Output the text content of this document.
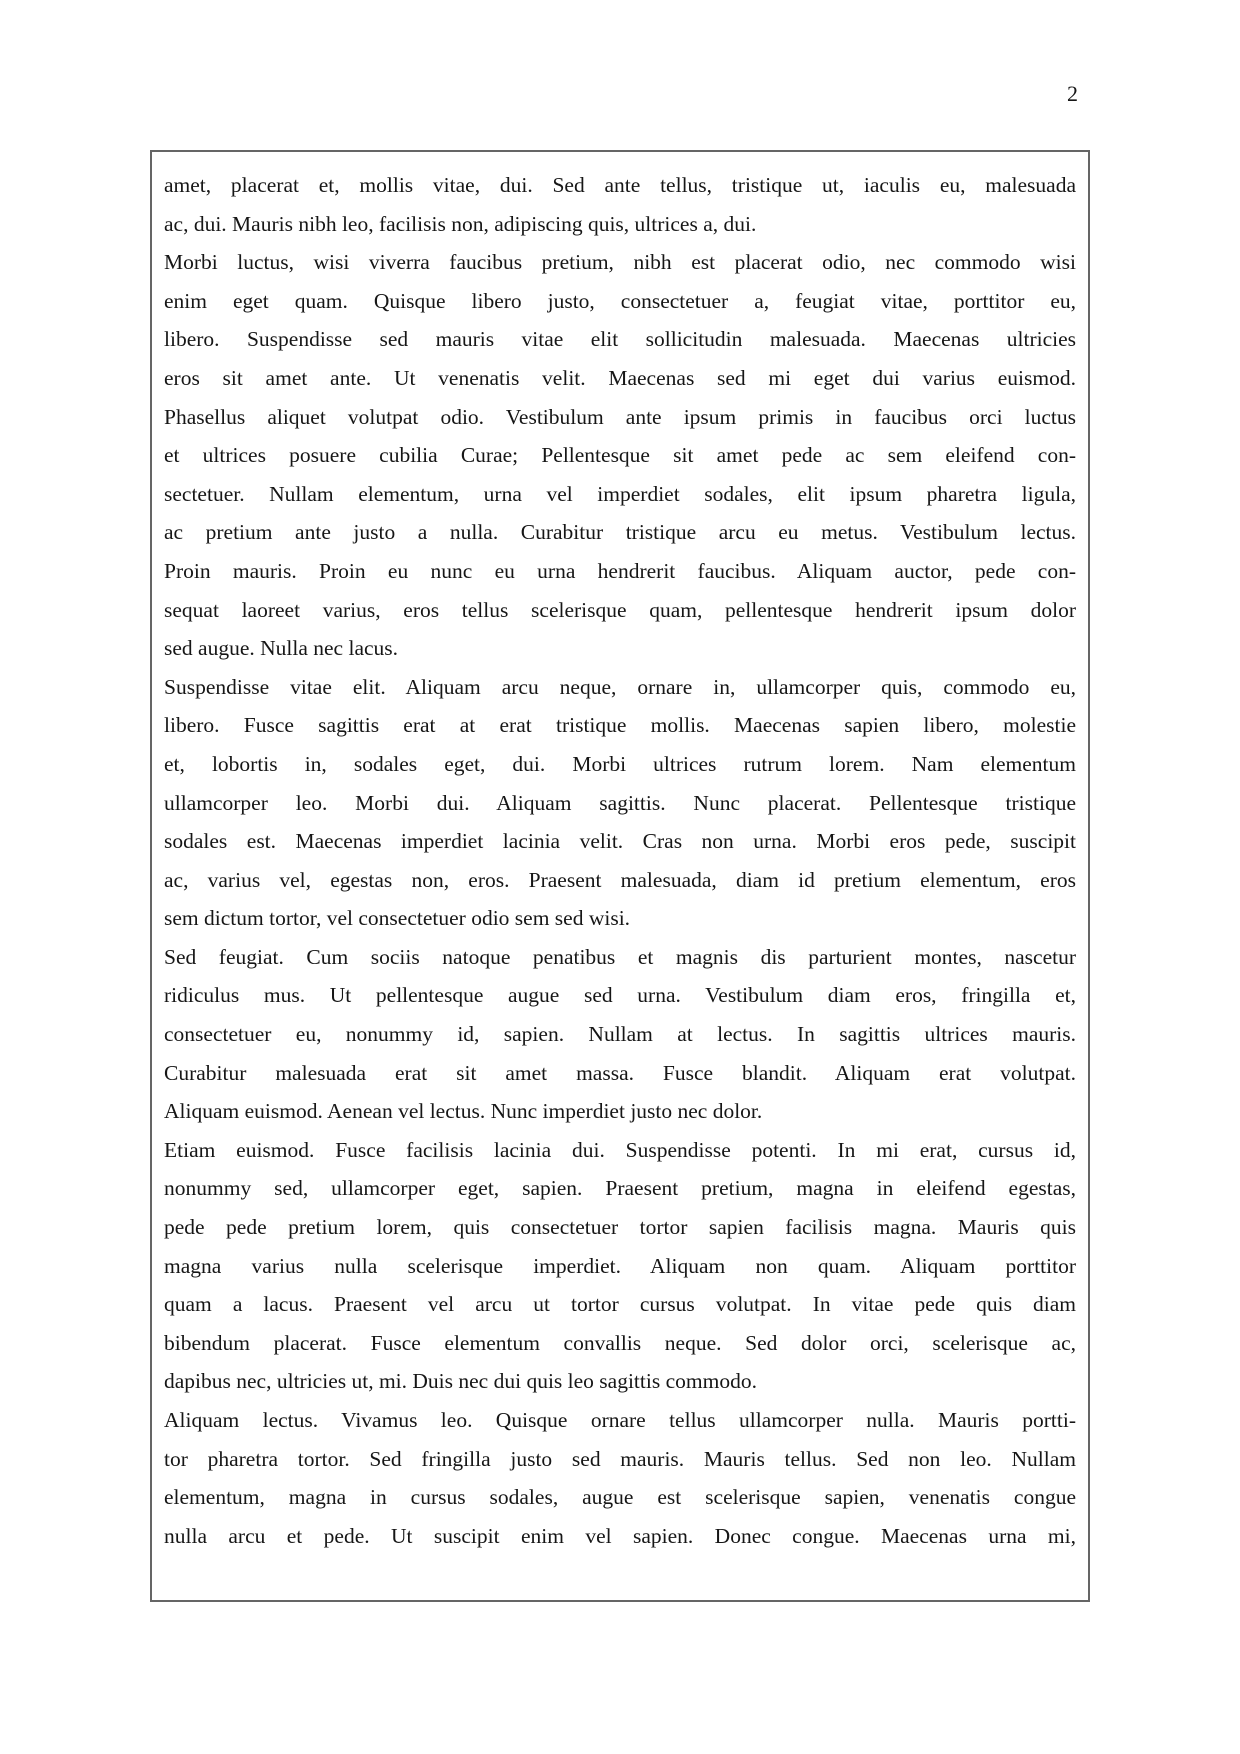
2
amet, placerat et, mollis vitae, dui. Sed ante tellus, tristique ut, iaculis eu, malesuada
ac, dui. Mauris nibh leo, facilisis non, adipiscing quis, ultrices a, dui.
Morbi luctus, wisi viverra faucibus pretium, nibh est placerat odio, nec commodo wisi
enim eget quam. Quisque libero justo, consectetuer a, feugiat vitae, porttitor eu,
libero. Suspendisse sed mauris vitae elit sollicitudin malesuada. Maecenas ultricies
eros sit amet ante. Ut venenatis velit. Maecenas sed mi eget dui varius euismod.
Phasellus aliquet volutpat odio. Vestibulum ante ipsum primis in faucibus orci luctus
et ultrices posuere cubilia Curae; Pellentesque sit amet pede ac sem eleifend con-
sectetuer. Nullam elementum, urna vel imperdiet sodales, elit ipsum pharetra ligula,
ac pretium ante justo a nulla. Curabitur tristique arcu eu metus. Vestibulum lectus.
Proin mauris. Proin eu nunc eu urna hendrerit faucibus. Aliquam auctor, pede con-
sequat laoreet varius, eros tellus scelerisque quam, pellentesque hendrerit ipsum dolor
sed augue. Nulla nec lacus.
Suspendisse vitae elit. Aliquam arcu neque, ornare in, ullamcorper quis, commodo eu,
libero. Fusce sagittis erat at erat tristique mollis. Maecenas sapien libero, molestie
et, lobortis in, sodales eget, dui. Morbi ultrices rutrum lorem. Nam elementum
ullamcorper leo. Morbi dui. Aliquam sagittis. Nunc placerat. Pellentesque tristique
sodales est. Maecenas imperdiet lacinia velit. Cras non urna. Morbi eros pede, suscipit
ac, varius vel, egestas non, eros. Praesent malesuada, diam id pretium elementum, eros
sem dictum tortor, vel consectetuer odio sem sed wisi.
Sed feugiat. Cum sociis natoque penatibus et magnis dis parturient montes, nascetur
ridiculus mus. Ut pellentesque augue sed urna. Vestibulum diam eros, fringilla et,
consectetuer eu, nonummy id, sapien. Nullam at lectus. In sagittis ultrices mauris.
Curabitur malesuada erat sit amet massa. Fusce blandit. Aliquam erat volutpat.
Aliquam euismod. Aenean vel lectus. Nunc imperdiet justo nec dolor.
Etiam euismod. Fusce facilisis lacinia dui. Suspendisse potenti. In mi erat, cursus id,
nonummy sed, ullamcorper eget, sapien. Praesent pretium, magna in eleifend egestas,
pede pede pretium lorem, quis consectetuer tortor sapien facilisis magna. Mauris quis
magna varius nulla scelerisque imperdiet. Aliquam non quam. Aliquam porttitor
quam a lacus. Praesent vel arcu ut tortor cursus volutpat. In vitae pede quis diam
bibendum placerat. Fusce elementum convallis neque. Sed dolor orci, scelerisque ac,
dapibus nec, ultricies ut, mi. Duis nec dui quis leo sagittis commodo.
Aliquam lectus. Vivamus leo. Quisque ornare tellus ullamcorper nulla. Mauris portti-
tor pharetra tortor. Sed fringilla justo sed mauris. Mauris tellus. Sed non leo. Nullam
elementum, magna in cursus sodales, augue est scelerisque sapien, venenatis congue
nulla arcu et pede. Ut suscipit enim vel sapien. Donec congue. Maecenas urna mi,
